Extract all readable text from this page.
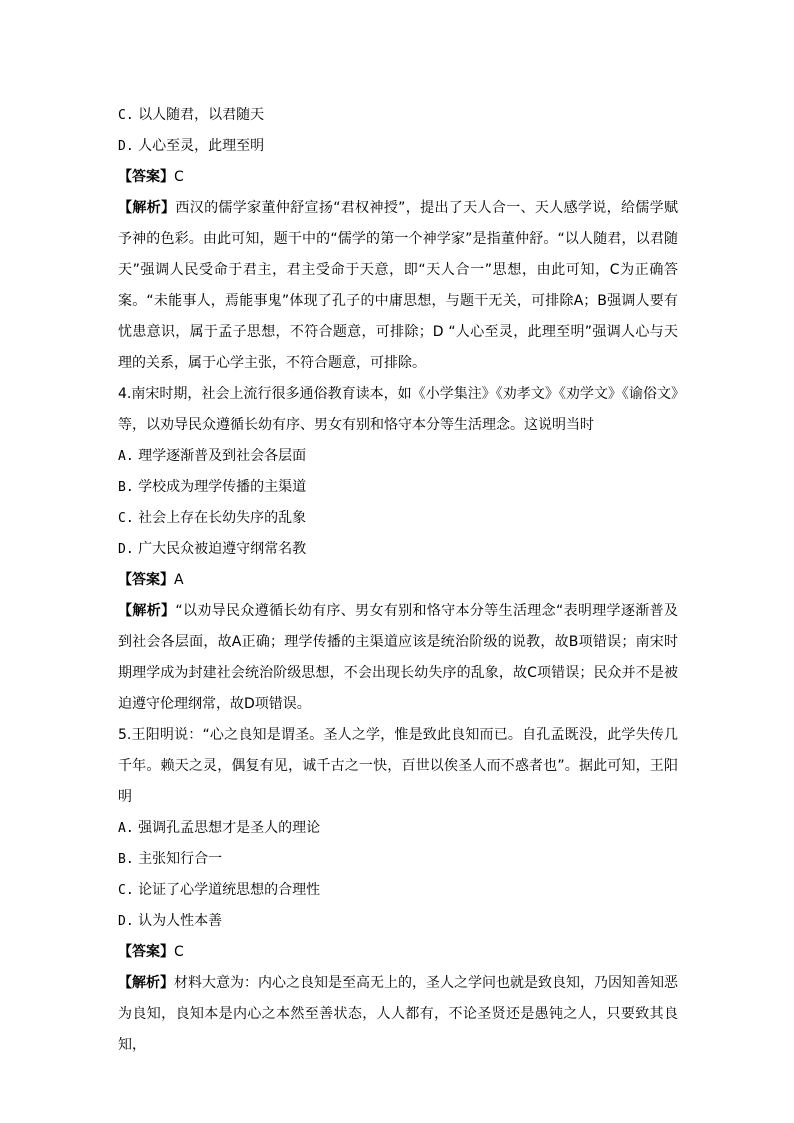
C. 以人随君，以君随天
D. 人心至灵，此理至明
【答案】C
【解析】西汉的儒学家董仲舒宣扬“君权神授”，提出了天人合一、天人感学说，给儒学赋予神的色彩。由此可知，题干中的“儒学的第一个神学家”是指董仲舒。“以人随君，以君随天”强调人民受命于君主，君主受命于天意，即“天人合一”思想，由此可知，C为正确答案。“未能事人，焉能事鬼”体现了孔子的中庸思想，与题干无关，可排除A；B强调人要有忧患意识，属于孟子思想，不符合题意，可排除；D “人心至灵，此理至明”强调人心与天理的关系，属于心学主张，不符合题意，可排除。
4.南宋时期，社会上流行很多通俗教育读本，如《小学集注》《劝孝文》《劝学文》《谕俗文》等，以劝导民众遵循长幼有序、男女有别和恪守本分等生活理念。这说明当时
A. 理学逐渐普及到社会各层面
B. 学校成为理学传播的主渠道
C. 社会上存在长幼失序的乱象
D. 广大民众被迫遵守纲常名教
【答案】A
【解析】“以劝导民众遵循长幼有序、男女有别和恪守本分等生活理念“表明理学逐渐普及到社会各层面，故A正确；理学传播的主渠道应该是统治阶级的说教，故B项错误；南宋时期理学成为封建社会统治阶级思想，不会出现长幼失序的乱象，故C项错误；民众并不是被迫遵守伦理纲常，故D项错误。
5.王阳明说：“心之良知是谓圣。圣人之学，惟是致此良知而已。自孔孟既没，此学失传几千年。赖天之灵，偶复有见，诚千古之一快，百世以俟圣人而不惑者也”。据此可知，王阳明
A. 强调孔孟思想才是圣人的理论
B. 主张知行合一
C. 论证了心学道统思想的合理性
D. 认为人性本善
【答案】C
【解析】材料大意为：内心之良知是至高无上的，圣人之学问也就是致良知，乃因知善知恶为良知，良知本是内心之本然至善状态，人人都有，不论圣贤还是愚钝之人，只要致其良知，
